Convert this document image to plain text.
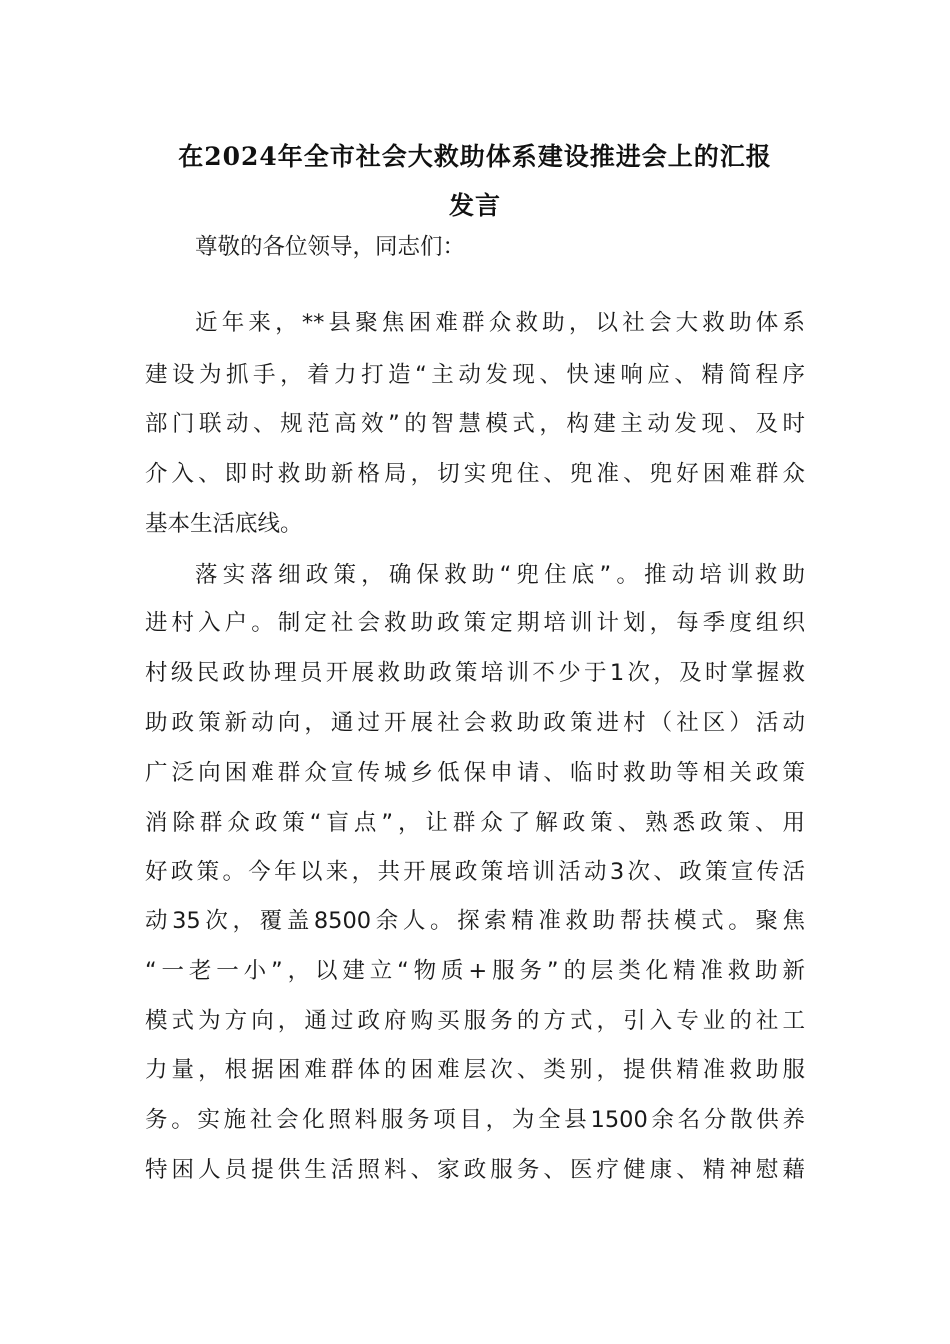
在2024年全市社会大救助体系建设推进会上的汇报
发言
尊敬的各位领导，同志们：
近年来，**县聚焦困难群众救助，以社会大救助体系
建设为抓手，着力打造“主动发现、快速响应、精简程序
部门联动、规范高效”的智慧模式，构建主动发现、及时
介入、即时救助新格局，切实兜住、兜准、兜好困难群众
基本生活底线。
落实落细政策，确保救助“兜住底”。推动培训救助
进村入户。制定社会救助政策定期培训计划，每季度组织
村级民政协理员开展救助政策培训不少于1次，及时掌握救
助政策新动向，通过开展社会救助政策进村（社区）活动
广泛向困难群众宣传城乡低保申请、临时救助等相关政策
消除群众政策“盲点”，让群众了解政策、熟悉政策、用
好政策。今年以来，共开展政策培训活动3次、政策宣传活
动35次，覆盖8500余人。探索精准救助帮扶模式。聚焦
“一老一小”，以建立“物质+服务”的层类化精准救助新
模式为方向，通过政府购买服务的方式，引入专业的社工
力量，根据困难群体的困难层次、类别，提供精准救助服
务。实施社会化照料服务项目，为全县1500余名分散供养
特困人员提供生活照料、家政服务、医疗健康、精神慰藉
